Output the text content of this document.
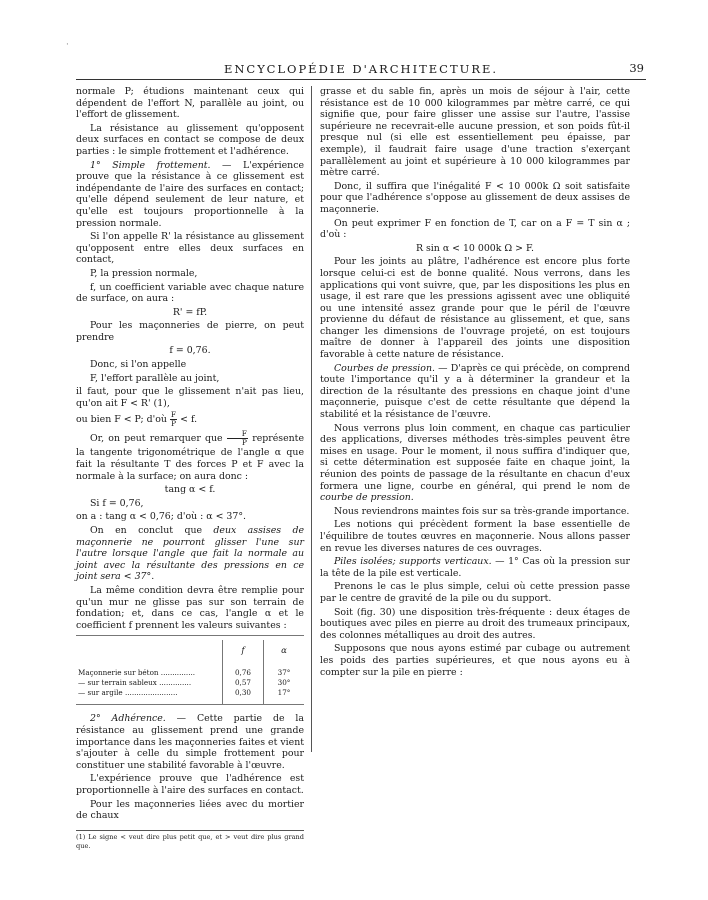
ENCYCLOPÉDIE D'ARCHITECTURE.	39
·

normale P; étudions maintenant ceux qui dépendent de l'effort N, parallèle au joint, ou l'effort de glissement.

La résistance au glissement qu'opposent deux surfaces en contact se compose de deux parties : le simple frottement et l'adhérence.

1° Simple frottement. — L'expérience prouve que la résistance à ce glissement est indépendante de l'aire des surfaces en contact; qu'elle dépend seulement de leur nature, et qu'elle est toujours proportionnelle à la pression normale.

Si l'on appelle R' la résistance au glissement qu'opposent entre elles deux surfaces en contact,

P, la pression normale,

f, un coefficient variable avec chaque nature de surface, on aura :

R' = fP.

Pour les maçonneries de pierre, on peut prendre

f = 0,76.

Donc, si l'on appelle

F, l'effort parallèle au joint,

il faut, pour que le glissement n'ait pas lieu, qu'on ait F < R' (1),

ou bien F < P; d'où $\frac{F}{P} < f$.

Or, on peut remarquer que $\frac{F}{P}$ représente la tangente trigonométrique de l'angle α que fait la résultante T des forces P et F avec la normale à la surface; on aura donc :

tang α < f.

Si f = 0,76,

on a : tang α < 0,76; d'où : α < 37°.

On en conclut que deux assises de maçonnerie ne pourront glisser l'une sur l'autre lorsque l'angle que fait la normale au joint avec la résultante des pressions en ce joint sera < 37°.

La même condition devra être remplie pour qu'un mur ne glisse pas sur son terrain de fondation; et, dans ce cas, l'angle α et le coefficient f prennent les valeurs suivantes :

	f	α

Maçonnerie sur béton ...............	0,76	37°
— sur terrain sableux ..............	0,57	30°
— sur argile .......................	0,30	17°

2° Adhérence. — Cette partie de la résistance au glissement prend une grande importance dans les maçonneries faites et vient s'ajouter à celle du simple frottement pour constituer une stabilité favorable à l'œuvre.

L'expérience prouve que l'adhérence est proportionnelle à l'aire des surfaces en contact.

Pour les maçonneries liées avec du mortier de chaux

(1) Le signe < veut dire plus petit que, et > veut dire plus grand que.

grasse et du sable fin, après un mois de séjour à l'air, cette résistance est de 10 000 kilogrammes par mètre carré, ce qui signifie que, pour faire glisser une assise sur l'autre, l'assise supérieure ne recevrait-elle aucune pression, et son poids fût-il presque nul (si elle est essentiellement peu épaisse, par exemple), il faudrait faire usage d'une traction s'exerçant parallèlement au joint et supérieure à 10 000 kilogrammes par mètre carré.

Donc, il suffira que l'inégalité F < 10 000k Ω soit satisfaite pour que l'adhérence s'oppose au glissement de deux assises de maçonnerie.

On peut exprimer F en fonction de T, car on a F = T sin α ; d'où :

R sin α < 10 000k Ω > F.

Pour les joints au plâtre, l'adhérence est encore plus forte lorsque celui-ci est de bonne qualité. Nous verrons, dans les applications qui vont suivre, que, par les dispositions les plus en usage, il est rare que les pressions agissent avec une obliquité ou une intensité assez grande pour que le péril de l'œuvre provienne du défaut de résistance au glissement, et que, sans changer les dimensions de l'ouvrage projeté, on est toujours maître de donner à l'appareil des joints une disposition favorable à cette nature de résistance.

Courbes de pression. — D'après ce qui précède, on comprend toute l'importance qu'il y a à déterminer la grandeur et la direction de la résultante des pressions en chaque joint d'une maçonnerie, puisque c'est de cette résultante que dépend la stabilité et la résistance de l'œuvre.

Nous verrons plus loin comment, en chaque cas particulier des applications, diverses méthodes très-simples peuvent être mises en usage. Pour le moment, il nous suffira d'indiquer que, si cette détermination est supposée faite en chaque joint, la réunion des points de passage de la résultante en chacun d'eux formera une ligne, courbe en général, qui prend le nom de courbe de pression.

Nous reviendrons maintes fois sur sa très-grande importance.

Les notions qui précèdent forment la base essentielle de l'équilibre de toutes œuvres en maçonnerie. Nous allons passer en revue les diverses natures de ces ouvrages.

Piles isolées; supports verticaux. — 1° Cas où la pression sur la tête de la pile est verticale.

Prenons le cas le plus simple, celui où cette pression passe par le centre de gravité de la pile ou du support.

Soit (fig. 30) une disposition très-fréquente : deux étages de boutiques avec piles en pierre au droit des trumeaux principaux, des colonnes métalliques au droit des autres.

Supposons que nous ayons estimé par cubage ou autrement les poids des parties supérieures, et que nous ayons eu à compter sur la pile en pierre :
